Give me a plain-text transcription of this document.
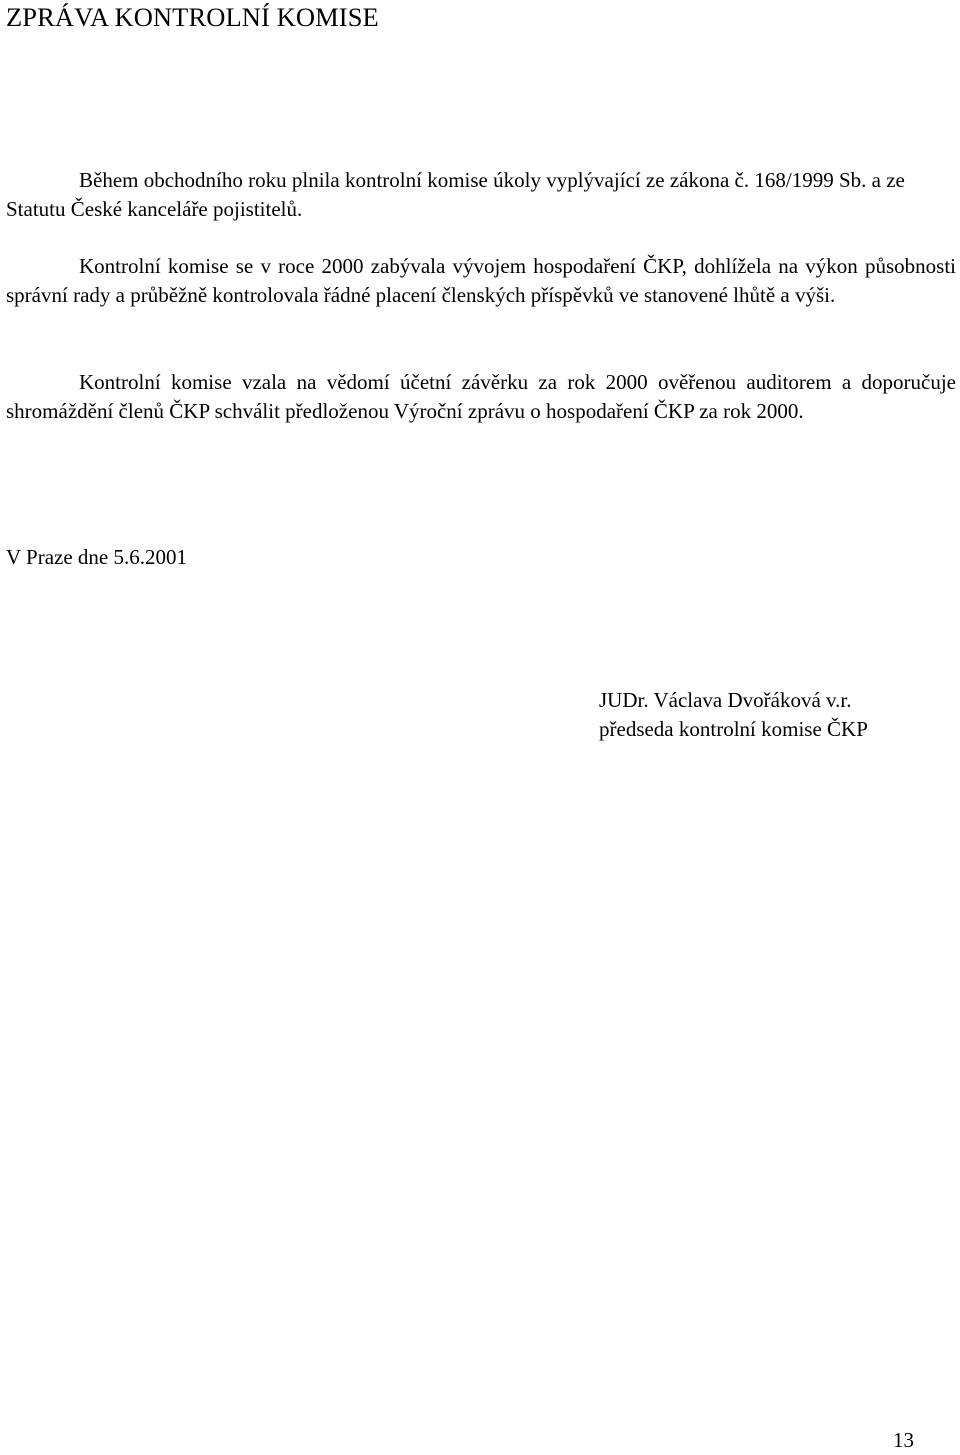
ZPRÁVA KONTROLNÍ KOMISE

Během obchodního roku plnila kontrolní komise úkoly vyplývající ze zákona č. 168/1999 Sb. a ze Statutu České kanceláře pojistitelů.

Kontrolní komise se v roce 2000 zabývala vývojem hospodaření ČKP, dohlížela na výkon působnosti správní rady a průběžně kontrolovala řádné placení členských příspěvků ve stanovené lhůtě a výši.

Kontrolní komise vzala na vědomí účetní závěrku za rok 2000 ověřenou auditorem a doporučuje shromáždění členů ČKP schválit předloženou Výroční zprávu o hospodaření ČKP za rok 2000.

V Praze dne 5.6.2001

JUDr. Václava Dvořáková v.r.
předseda kontrolní komise ČKP
13
